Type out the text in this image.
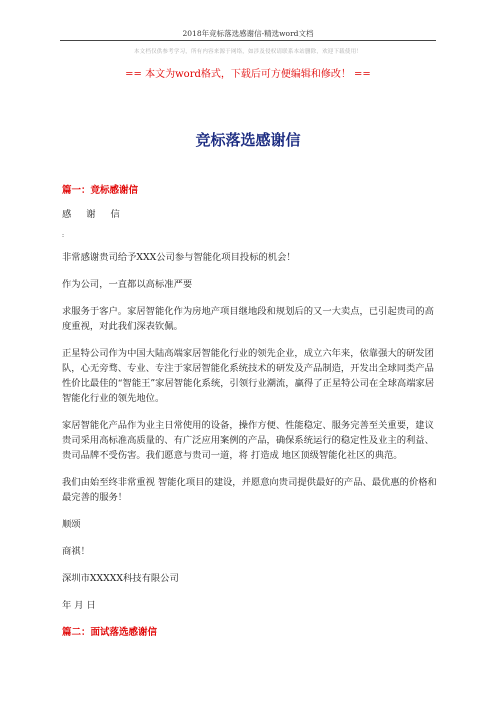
2018年竞标落选感谢信-精选word文档
本文档仅供参考学习，所有内容来源于网络，如涉及侵权请联系本站删除，欢迎下载使用！
== 本文为word格式，下载后可方便编辑和修改！ ==
竞标落选感谢信

篇一：竞标感谢信

感 谢 信

:

非常感谢贵司给予XXX公司参与智能化项目投标的机会！

作为公司，一直都以高标准严要

求服务于客户。家居智能化作为房地产项目继地段和规划后的又一大卖点，已引起贵司的高度重视，对此我们深表钦佩。

正星特公司作为中国大陆高端家居智能化行业的领先企业，成立六年来，依靠强大的研发团队，心无旁骛、专业、专注于家居智能化系统技术的研发及产品制造，开发出全球同类产品性价比最佳的“智能王”家居智能化系统，引领行业潮流，赢得了正星特公司在全球高端家居智能化行业的领先地位。

家居智能化产品作为业主日常使用的设备，操作方便、性能稳定、服务完善至关重要，建议贵司采用高标准高质量的、有广泛应用案例的产品，确保系统运行的稳定性及业主的利益、贵司品牌不受伤害。我们愿意与贵司一道，将 打造成 地区顶级智能化社区的典范。

我们由始至终非常重视 智能化项目的建设，并愿意向贵司提供最好的产品、最优惠的价格和最完善的服务！

顺颂

商祺！

深圳市XXXXX科技有限公司

年 月 日

篇二：面试落选感谢信
